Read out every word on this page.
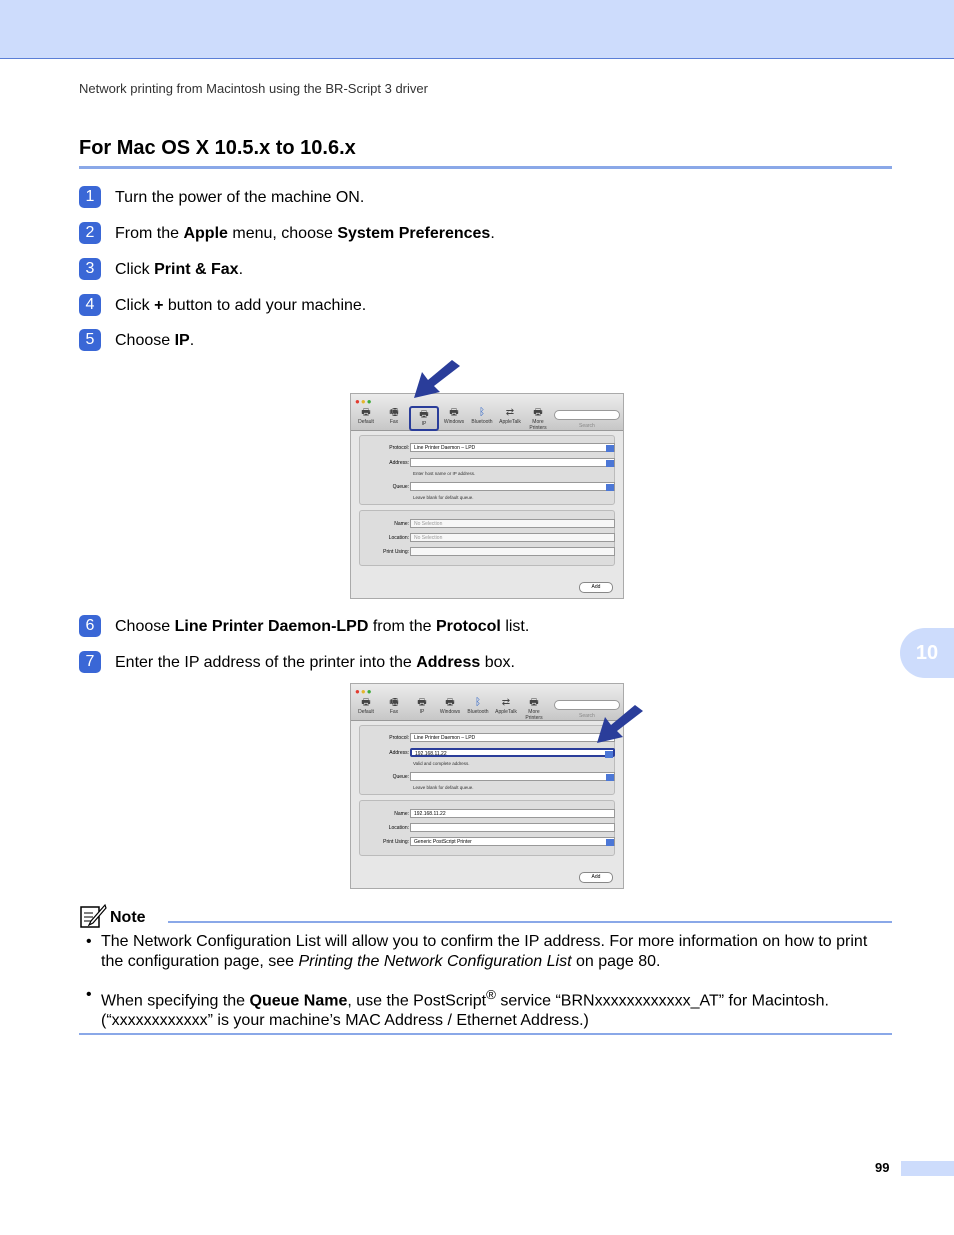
Network printing from Macintosh using the BR-Script 3 driver
For Mac OS X 10.5.x to 10.6.x
1	Turn the power of the machine ON.
2	From the Apple menu, choose System Preferences.
3	Click Print & Fax.
4	Click + button to add your machine.
5	Choose IP.
●●●
🖶
Default
🖷
Fax
🖶
IP
🖶
Windows
ᛒ
Bluetooth
⇄
AppleTalk
🖶
More Printers	Search
Protocol:	Line Printer Daemon – LPD
Address:
Enter host name or IP address.
Queue:
Leave blank for default queue.
Name:	No Selection
Location:	No Selection
Print Using:
Add
6	Choose Line Printer Daemon-LPD from the Protocol list.
7	Enter the IP address of the printer into the Address box.	10
●●●
🖶
Default
🖷
Fax
🖶
IP
🖶
Windows
ᛒ
Bluetooth
⇄
AppleTalk
🖶
More Printers	Search
Protocol:	Line Printer Daemon – LPD
Address:	192.168.11.22
Valid and complete address.
Queue:
Leave blank for default queue.
Name:	192.168.11.22
Location:
Print Using:	Generic PostScript Printer
Add
Note
• The Network Configuration List will allow you to confirm the IP address. For more information on how to print the configuration page, see Printing the Network Configuration List on page 80.
• When specifying the Queue Name, use the PostScript® service “BRNxxxxxxxxxxxx_AT” for Macintosh. (“xxxxxxxxxxxx” is your machine’s MAC Address / Ethernet Address.)
99
